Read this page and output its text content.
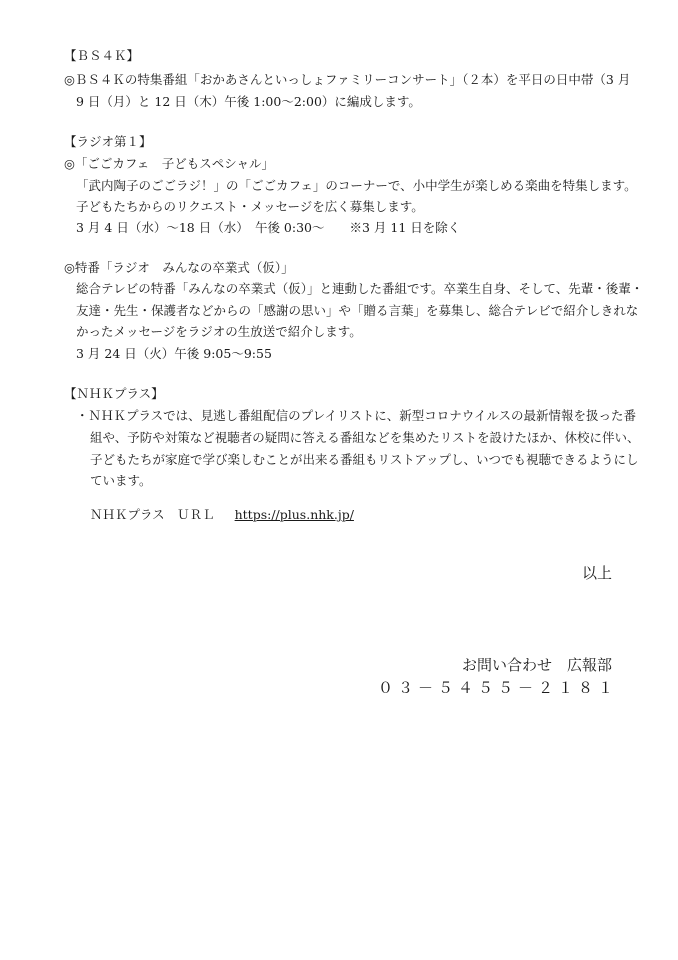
【ＢＳ４Ｋ】
◎ＢＳ４Ｋの特集番組「おかあさんといっしょファミリーコンサート」（２本）を平日の日中帯（3 月
9 日（月）と 12 日（木）午後 1:00〜2:00）に編成します。
【ラジオ第１】
◎「ごごカフェ　子どもスペシャル」
「武内陶子のごごラジ！」の「ごごカフェ」のコーナーで、小中学生が楽しめる楽曲を特集します。
子どもたちからのリクエスト・メッセージを広く募集します。
3 月 4 日（水）〜18 日（水）　午後 0:30〜　　※3 月 11 日を除く
◎特番「ラジオ　みんなの卒業式（仮）」
総合テレビの特番「みんなの卒業式（仮）」と連動した番組です。卒業生自身、そして、先輩・後輩・
友達・先生・保護者などからの「感謝の思い」や「贈る言葉」を募集し、総合テレビで紹介しきれな
かったメッセージをラジオの生放送で紹介します。
3 月 24 日（火）午後 9:05〜9:55
【ＮＨＫプラス】
・ＮＨＫプラスでは、見逃し番組配信のプレイリストに、新型コロナウイルスの最新情報を扱った番
組や、予防や対策など視聴者の疑問に答える番組などを集めたリストを設けたほか、休校に伴い、
子どもたちが家庭で学び楽しむことが出来る番組もリストアップし、いつでも視聴できるようにし
ています。
ＮＨＫプラス　ＵＲＬ https://plus.nhk.jp/
以上
お問い合わせ　広報部
０３－５４５５－２１８１
